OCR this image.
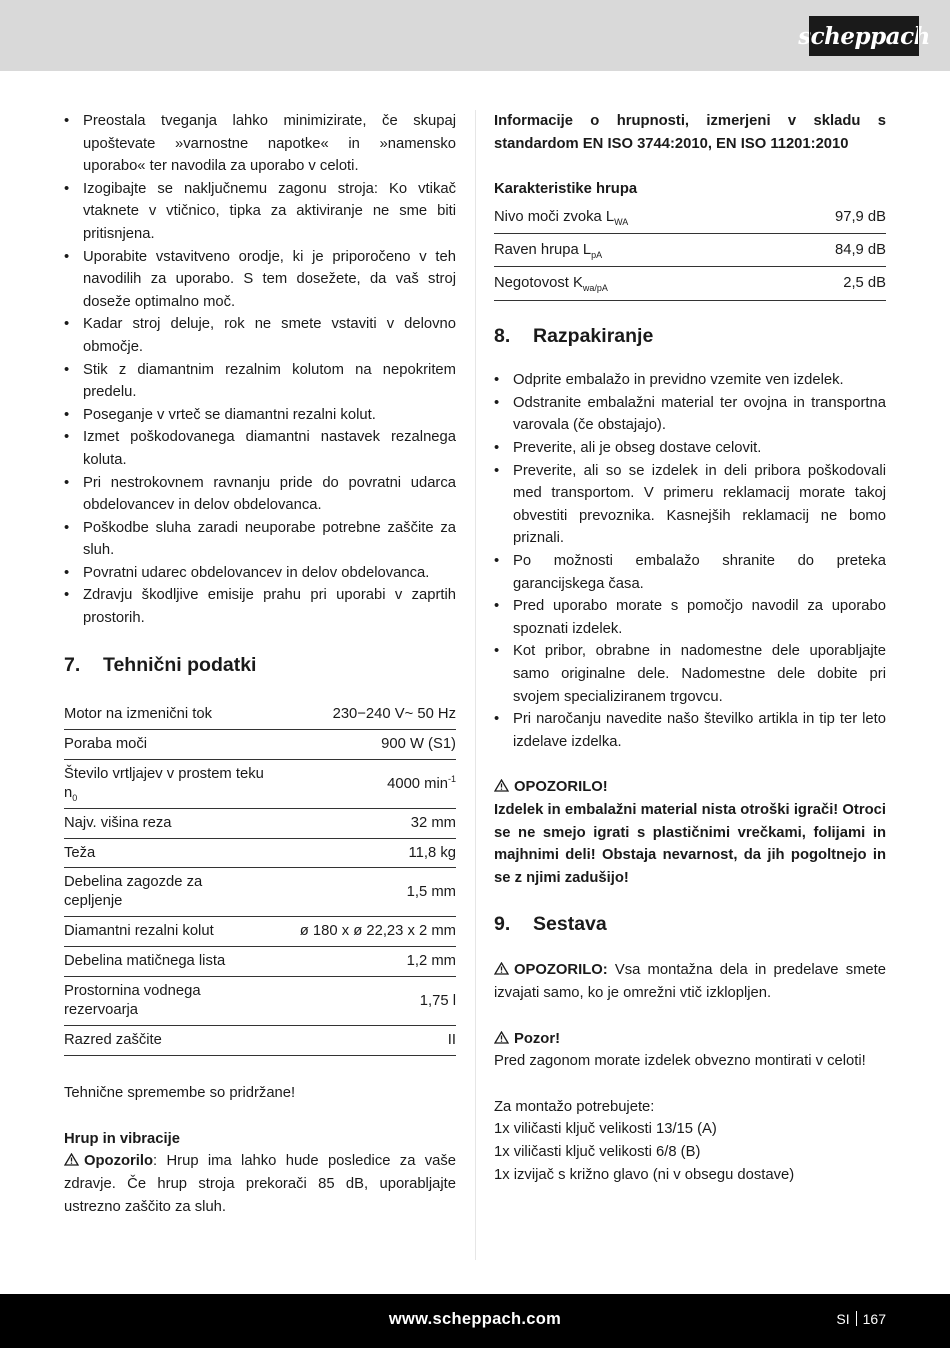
scheppach
• Preostala tveganja lahko minimizirate, če skupaj upoštevate »varnostne napotke« in »namensko uporabo« ter navodila za uporabo v celoti.
• Izogibajte se naključnemu zagonu stroja: Ko vtikač vtaknete v vtičnico, tipka za aktiviranje ne sme biti pritisnjena.
• Uporabite vstavitveno orodje, ki je priporočeno v teh navodilih za uporabo. S tem dosežete, da vaš stroj doseže optimalno moč.
• Kadar stroj deluje, rok ne smete vstaviti v delovno območje.
• Stik z diamantnim rezalnim kolutom na nepokritem predelu.
• Poseganje v vrteč se diamantni rezalni kolut.
• Izmet poškodovanega diamantni nastavek rezalnega koluta.
• Pri nestrokovnem ravnanju pride do povratni udarca obdelovancev in delov obdelovanca.
• Poškodbe sluha zaradi neuporabe potrebne zaščite za sluh.
• Povratni udarec obdelovancev in delov obdelovanca.
• Zdravju škodljive emisije prahu pri uporabi v zaprtih prostorih.
7.	Tehnični podatki
Motor na izmenični tok	230−240 V~ 50 Hz
Poraba moči	900 W (S1)
Število vrtljajev v prostem teku $n_0$	4000 $\min^{-1}$
Najv. višina reza	32 mm
Teža	11,8 kg
Debelina zagozde za cepljenje	1,5 mm
Diamantni rezalni kolut	ø 180 x ø 22,23 x 2 mm
Debelina matičnega lista	1,2 mm
Prostornina vodnega rezervoarja	1,75 l
Razred zaščite	II

Tehnične spremembe so pridržane!

Hrup in vibracije

Opozorilo: Hrup ima lahko hude posledice za vaše zdravje. Če hrup stroja prekorači 85 dB, uporabljajte ustrezno zaščito za sluh.

Informacije o hrupnosti, izmerjeni v skladu s standardom EN ISO 3744:2010, EN ISO 11201:2010

Karakteristike hrupa

Nivo moči zvoka $L_{WA}$	97,9 dB
Raven hrupa $L_{pA}$	84,9 dB
Negotovost $K_{wa/pA}$	2,5 dB
8.	Razpakiranje
• Odprite embalažo in previdno vzemite ven izdelek.
• Odstranite embalažni material ter ovojna in transportna varovala (če obstajajo).
• Preverite, ali je obseg dostave celovit.
• Preverite, ali so se izdelek in deli pribora poškodovali med transportom. V primeru reklamacij morate takoj obvestiti prevoznika. Kasnejših reklamacij ne bomo priznali.
• Po možnosti embalažo shranite do preteka garancijskega časa.
• Pred uporabo morate s pomočjo navodil za uporabo spoznati izdelek.
• Kot pribor, obrabne in nadomestne dele uporabljajte samo originalne dele. Nadomestne dele dobite pri svojem specializiranem trgovcu.
• Pri naročanju navedite našo številko artikla in tip ter leto izdelave izdelka.

OPOZORILO!

Izdelek in embalažni material nista otroški igrači! Otroci se ne smejo igrati s plastičnimi vrečkami, folijami in majhnimi deli! Obstaja nevarnost, da jih pogoltnejo in se z njimi zadušijo!

9.	Sestava

OPOZORILO: Vsa montažna dela in predelave smete izvajati samo, ko je omrežni vtič izklopljen.

Pozor!

Pred zagonom morate izdelek obvezno montirati v celoti!

Za montažo potrebujete:

1x viličasti ključ velikosti 13/15 (A)

1x viličasti ključ velikosti 6/8 (B)

1x izvijač s križno glavo (ni v obsegu dostave)

www.scheppach.com	SI 167
